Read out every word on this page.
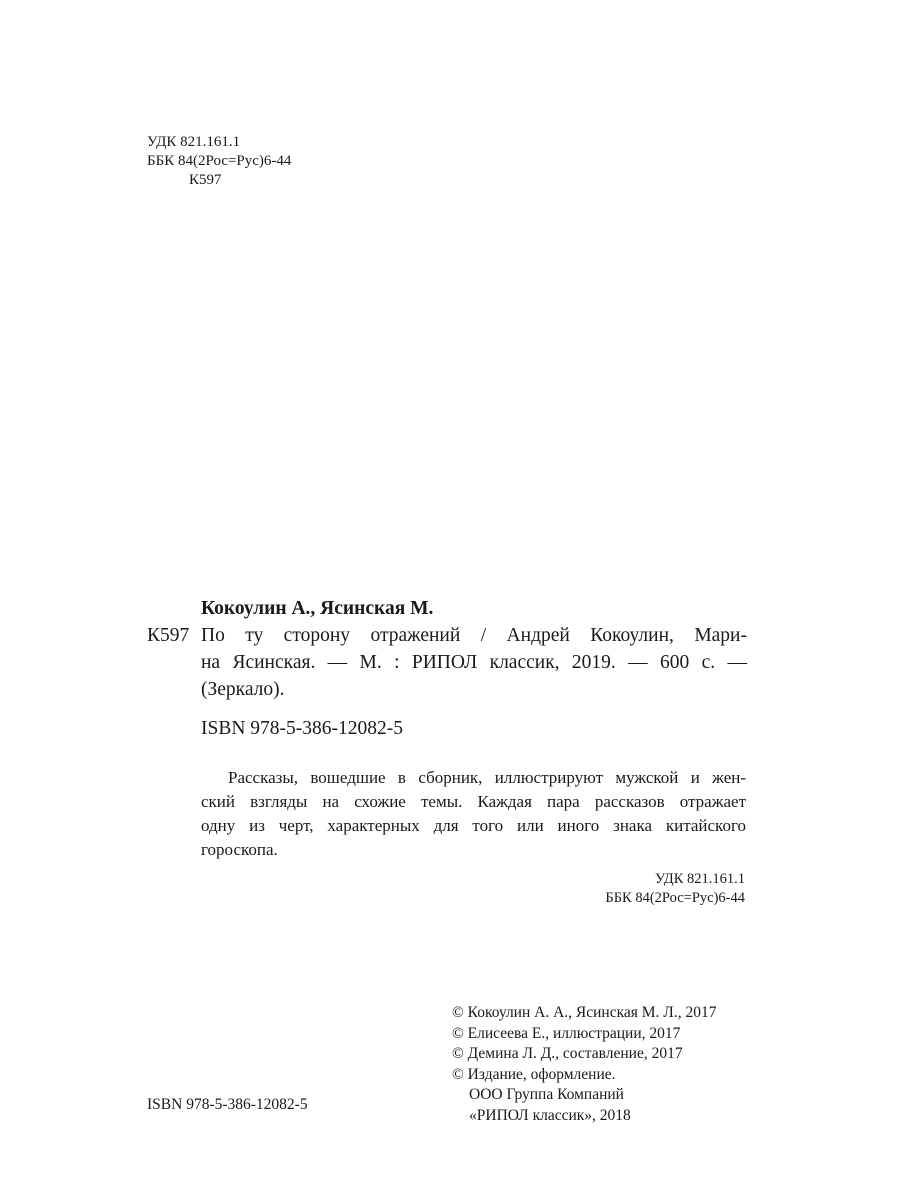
УДК 821.161.1
ББК 84(2Рос=Рус)6-44
К597
Кокоулин А., Ясинская М.
К597 По ту сторону отражений / Андрей Кокоулин, Мари-
на Ясинская. — М. : РИПОЛ классик, 2019. — 600 с. —
(Зеркало).
ISBN 978-5-386-12082-5
Рассказы, вошедшие в сборник, иллюстрируют мужской и жен-
ский взгляды на схожие темы. Каждая пара рассказов отражает
одну из черт, характерных для того или иного знака китайского
гороскопа.
УДК 821.161.1
ББК 84(2Рос=Рус)6-44
© Кокоулин А. А., Ясинская М. Л., 2017
© Елисеева Е., иллюстрации, 2017
© Демина Л. Д., составление, 2017
© Издание, оформление.
ООО Группа Компаний
«РИПОЛ классик», 2018
ISBN 978-5-386-12082-5
